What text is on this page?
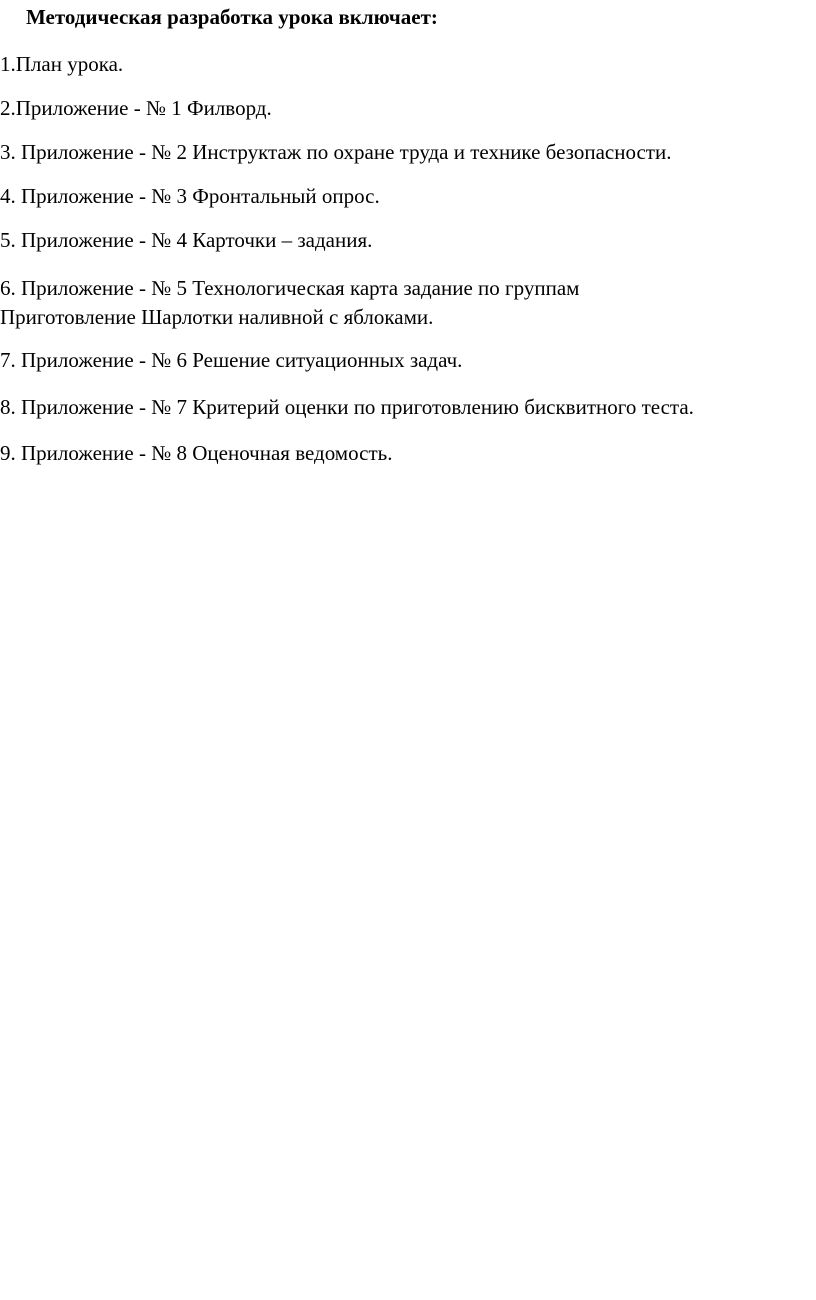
Методическая разработка урока включает:
1.План урока.
2.Приложение - № 1 Филворд.
3. Приложение - № 2 Инструктаж по охране труда и технике безопасности.
4. Приложение - № 3 Фронтальный опрос.
5. Приложение - № 4 Карточки – задания.
6. Приложение - № 5 Технологическая карта задание по группам
Приготовление Шарлотки наливной с яблоками.
7. Приложение - № 6 Решение ситуационных задач.
8. Приложение - № 7 Критерий оценки по приготовлению бисквитного теста.
9. Приложение - № 8 Оценочная ведомость.
